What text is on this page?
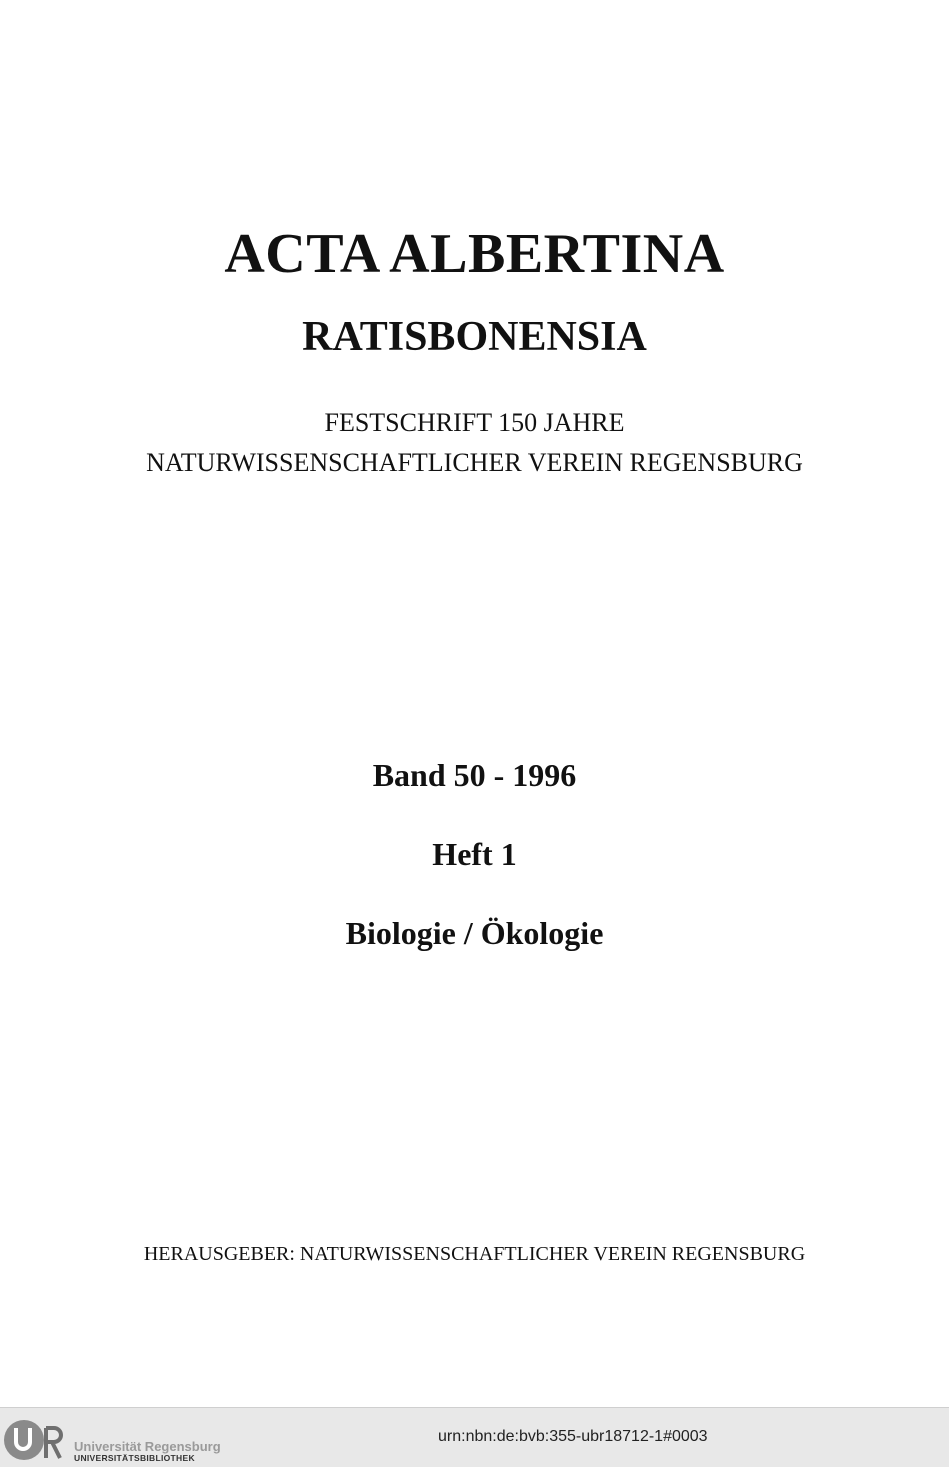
ACTA ALBERTINA
RATISBONENSIA
FESTSCHRIFT 150 JAHRE
NATURWISSENSCHAFTLICHER VEREIN REGENSBURG
Band 50 - 1996
Heft 1
Biologie / Ökologie
HERAUSGEBER: NATURWISSENSCHAFTLICHER VEREIN REGENSBURG
Universität Regensburg
UNIVERSITÄTSBIBLIOTHEK
urn:nbn:de:bvb:355-ubr18712-1#0003
